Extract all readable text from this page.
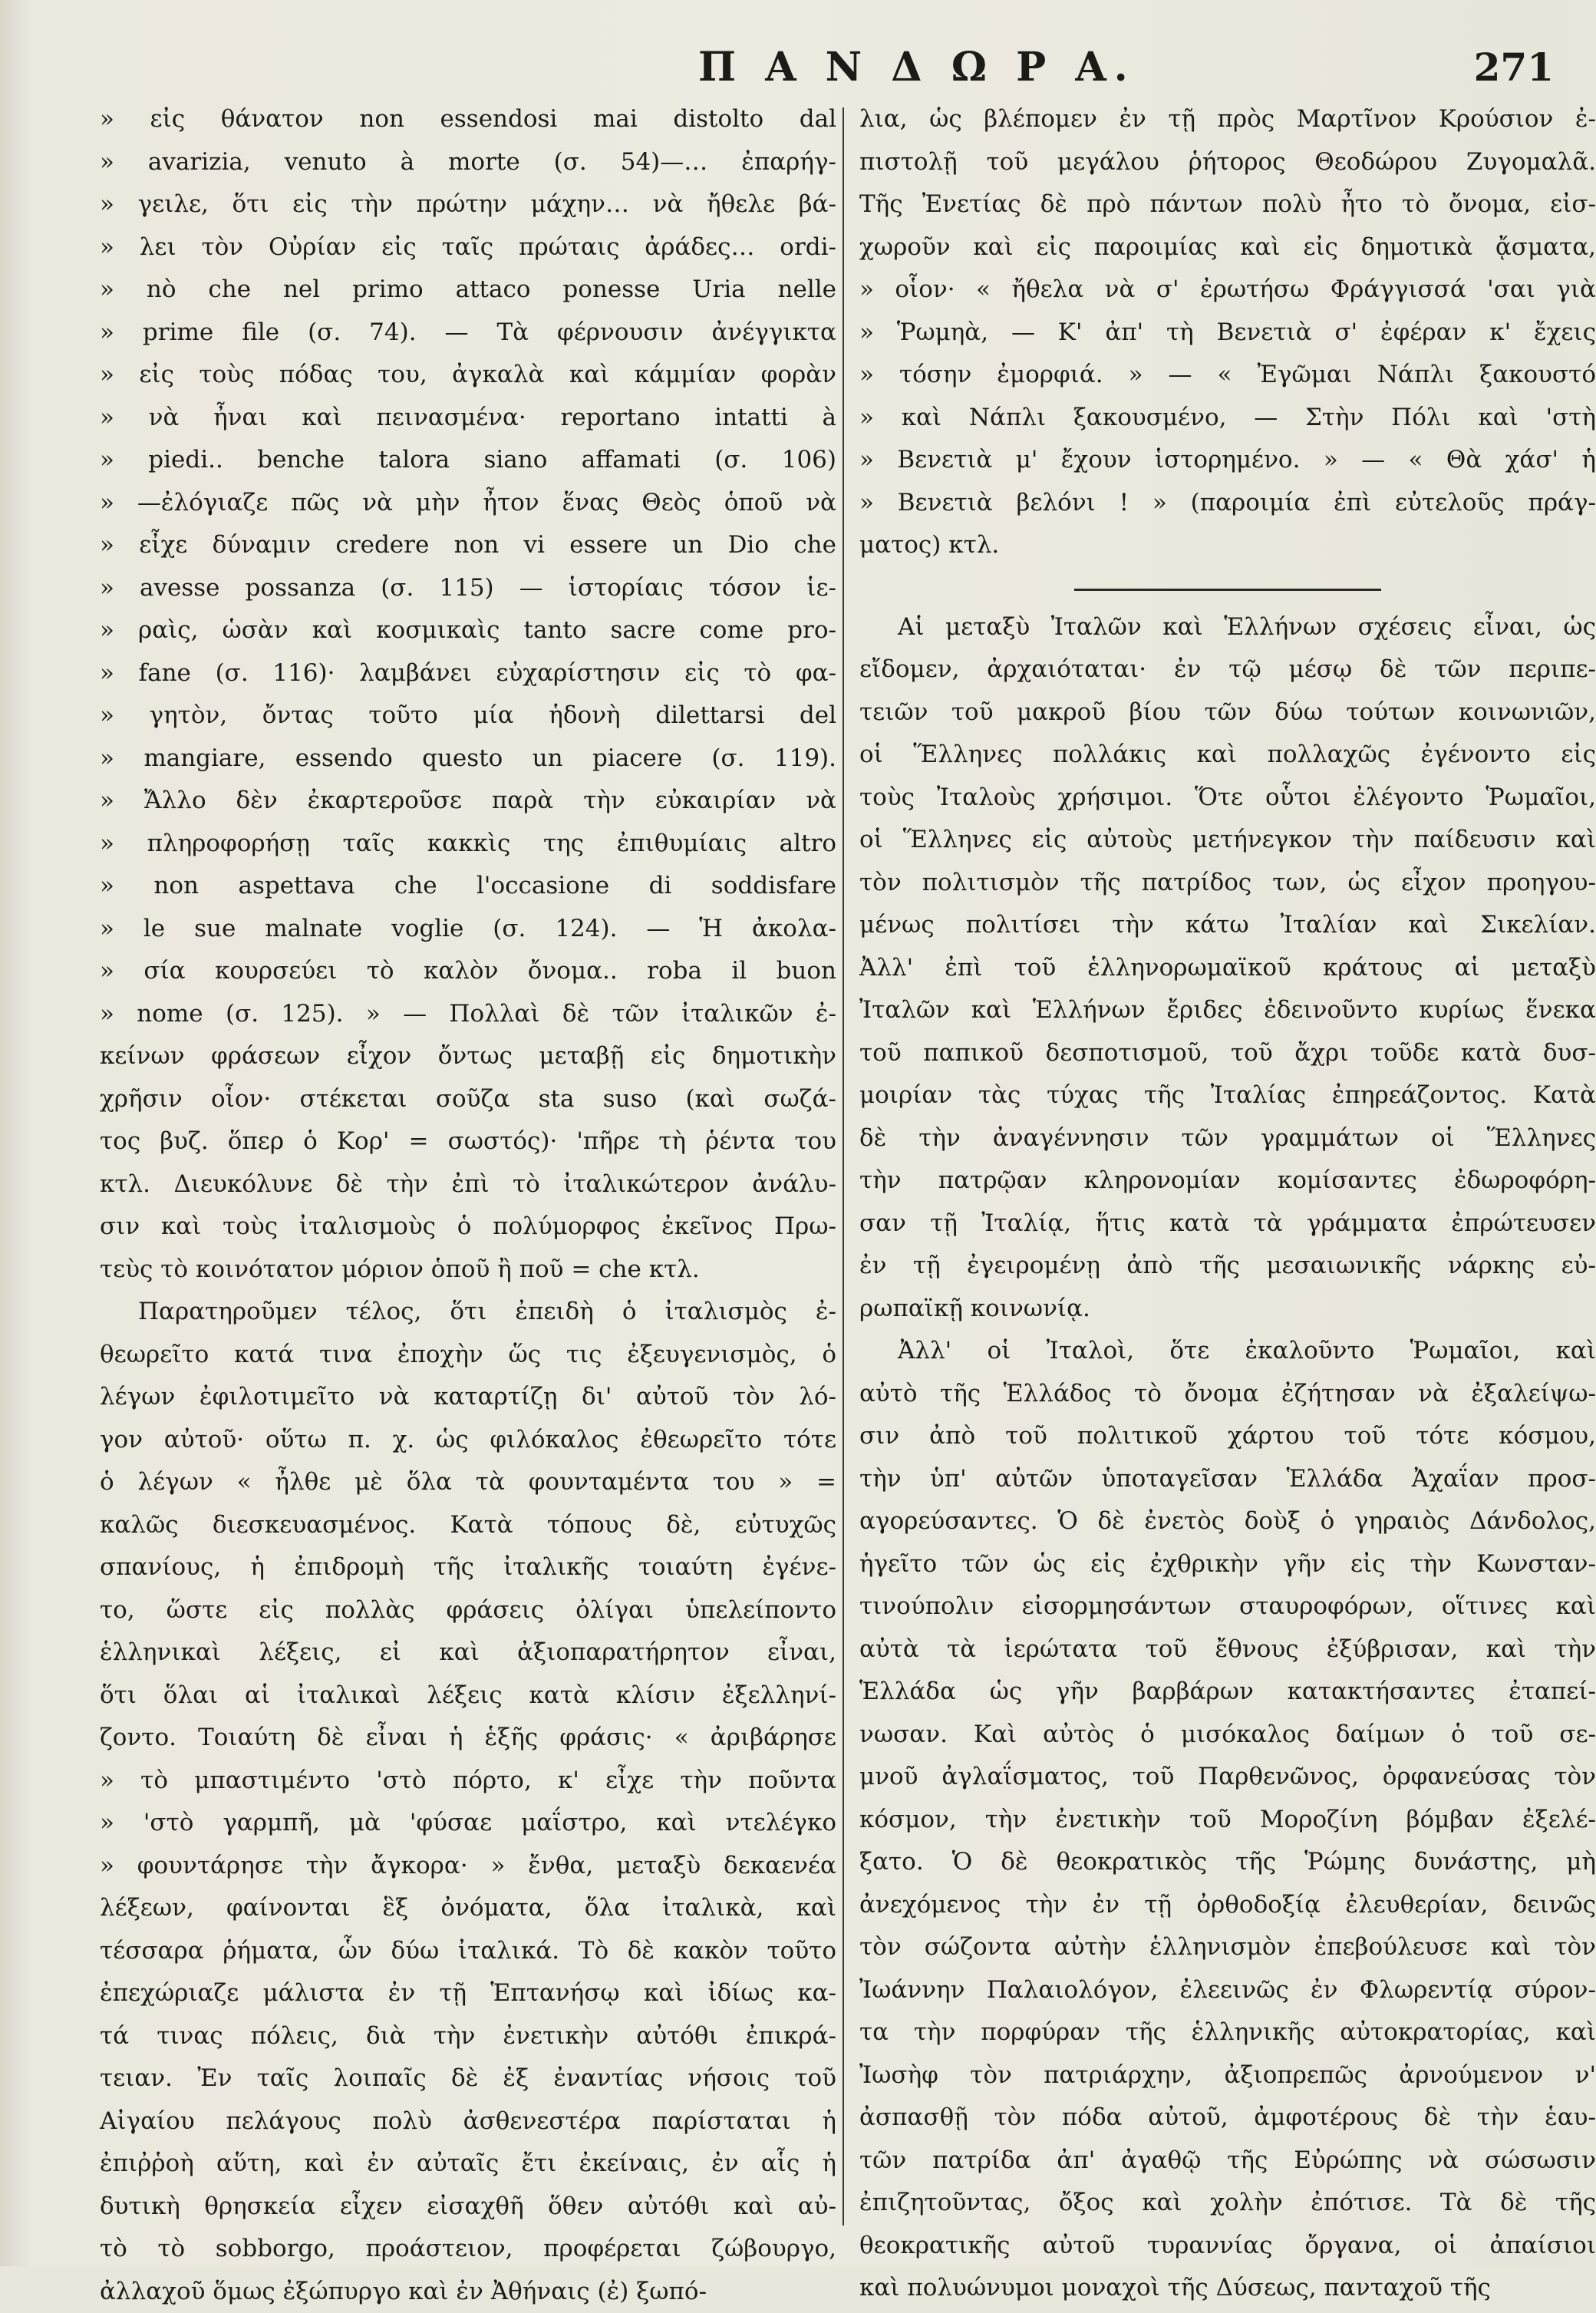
Π Α Ν Δ Ω Ρ Α.	271
» εἰς θάνατον non essendosi mai distolto dal
» avarizia, venuto à morte (σ. 54)—… ἐπαρήγ-
» γειλε, ὅτι εἰς τὴν πρώτην μάχην… νὰ ἤθελε βά-
» λει τὸν Οὐρίαν εἰς ταῖς πρώταις ἀράδες… ordi-
» nò che nel primo attaco ponesse Uria nelle
» prime file (σ. 74). — Τὰ φέρνουσιν ἀνέγγικτα
» εἰς τοὺς πόδας του, ἀγκαλὰ καὶ κάμμίαν φορὰν
» νὰ ἦναι καὶ πεινασμένα· reportano intatti à
» piedi.. benche talora siano affamati (σ. 106)
» —ἐλόγιαζε πῶς νὰ μὴν ἦτον ἕνας Θεὸς ὁποῦ νὰ
» εἶχε δύναμιν credere non vi essere un Dio che
» avesse possanza (σ. 115) — ἱστορίαις τόσον ἱε-
» ραὶς, ὡσὰν καὶ κοσμικαὶς tanto sacre come pro-
» fane (σ. 116)· λαμβάνει εὐχαρίστησιν εἰς τὸ φα-
» γητὸν, ὄντας τοῦτο μία ἡδονὴ dilettarsi del
» mangiare, essendo questo un piacere (σ. 119).
» Ἄλλο δὲν ἐκαρτεροῦσε παρὰ τὴν εὐκαιρίαν νὰ
» πληροφορήσῃ ταῖς κακκὶς της ἐπιθυμίαις altro
» non aspettava che l'occasione di soddisfare
» le sue malnate voglie (σ. 124). — Ἡ ἀκολα-
» σία κουρσεύει τὸ καλὸν ὄνομα.. roba il buon
» nome (σ. 125). » — Πολλαὶ δὲ τῶν ἰταλικῶν ἐ-
κείνων φράσεων εἶχον ὄντως μεταβῇ εἰς δημοτικὴν
χρῆσιν οἷον· στέκεται σοῦζα sta suso (καὶ σωζά-
τος βυζ. ὅπερ ὁ Κορ' = σωστός)· 'πῆρε τὴ ῥέντα του
κτλ. Διευκόλυνε δὲ τὴν ἐπὶ τὸ ἰταλικώτερον ἀνάλυ-
σιν καὶ τοὺς ἰταλισμοὺς ὁ πολύμορφος ἐκεῖνος Πρω-
τεὺς τὸ κοινότατον μόριον ὁποῦ ἢ ποῦ = che κτλ.
Παρατηροῦμεν τέλος, ὅτι ἐπειδὴ ὁ ἰταλισμὸς ἐ-
θεωρεῖτο κατά τινα ἐποχὴν ὥς τις ἐξευγενισμὸς, ὁ
λέγων ἐφιλοτιμεῖτο νὰ καταρτίζῃ δι' αὐτοῦ τὸν λό-
γον αὐτοῦ· οὕτω π. χ. ὡς φιλόκαλος ἐθεωρεῖτο τότε
ὁ λέγων « ἦλθε μὲ ὅλα τὰ φουνταμέντα του » =
καλῶς διεσκευασμένος. Κατὰ τόπους δὲ, εὐτυχῶς
σπανίους, ἡ ἐπιδρομὴ τῆς ἰταλικῆς τοιαύτη ἐγένε-
το, ὥστε εἰς πολλὰς φράσεις ὀλίγαι ὑπελείποντο
ἑλληνικαὶ λέξεις, εἰ καὶ ἀξιοπαρατήρητον εἶναι,
ὅτι ὅλαι αἱ ἰταλικαὶ λέξεις κατὰ κλίσιν ἐξελληνί-
ζοντο. Τοιαύτη δὲ εἶναι ἡ ἑξῆς φράσις· « ἀριβάρησε
» τὸ μπαστιμέντο 'στὸ πόρτο, κ' εἶχε τὴν ποῦντα
» 'στὸ γαρμπῆ, μὰ 'φύσαε μαΐστρο, καὶ ντελέγκο
» φουντάρησε τὴν ἄγκορα· » ἔνθα, μεταξὺ δεκαενέα
λέξεων, φαίνονται ἓξ ὀνόματα, ὅλα ἰταλικὰ, καὶ
τέσσαρα ῥήματα, ὧν δύω ἰταλικά. Τὸ δὲ κακὸν τοῦτο
ἐπεχώριαζε μάλιστα ἐν τῇ Ἑπτανήσῳ καὶ ἰδίως κα-
τά τινας πόλεις, διὰ τὴν ἐνετικὴν αὐτόθι ἐπικρά-
τειαν. Ἐν ταῖς λοιπαῖς δὲ ἐξ ἐναντίας νήσοις τοῦ
Αἰγαίου πελάγους πολὺ ἀσθενεστέρα παρίσταται ἡ
ἐπιῤῥοὴ αὕτη, καὶ ἐν αὐταῖς ἔτι ἐκείναις, ἐν αἷς ἡ
δυτικὴ θρησκεία εἶχεν εἰσαχθῆ ὅθεν αὐτόθι καὶ αὐ-
τὸ τὸ sobborgo, προάστειον, προφέρεται ζώβουργο,
ἀλλαχοῦ ὅμως ἐξώπυργο καὶ ἐν Ἀθήναις (ἐ) ξωπό-
λια, ὡς βλέπομεν ἐν τῇ πρὸς Μαρτῖνον Κρούσιον ἐ-
πιστολῇ τοῦ μεγάλου ῥήτορος Θεοδώρου Ζυγομαλᾶ.
Τῆς Ἐνετίας δὲ πρὸ πάντων πολὺ ἦτο τὸ ὄνομα, εἰσ-
χωροῦν καὶ εἰς παροιμίας καὶ εἰς δημοτικὰ ᾄσματα,
» οἷον· « ἤθελα νὰ σ' ἐρωτήσω Φράγγισσά 'σαι γιὰ
» Ῥωμηὰ, — Κ' ἀπ' τὴ Βενετιὰ σ' ἐφέραν κ' ἔχεις
» τόσην ἐμορφιά. » — « Ἐγῶμαι Νάπλι ξακουστό
» καὶ Νάπλι ξακουσμένο, — Στὴν Πόλι καὶ 'στὴ
» Βενετιὰ μ' ἔχουν ἱστορημένο. » — « Θὰ χάσ' ἡ
» Βενετιὰ βελόνι ! » (παροιμία ἐπὶ εὐτελοῦς πράγ-
ματος) κτλ.
Αἱ μεταξὺ Ἰταλῶν καὶ Ἑλλήνων σχέσεις εἶναι, ὡς
εἴδομεν, ἀρχαιόταται· ἐν τῷ μέσῳ δὲ τῶν περιπε-
τειῶν τοῦ μακροῦ βίου τῶν δύω τούτων κοινωνιῶν,
οἱ Ἕλληνες πολλάκις καὶ πολλαχῶς ἐγένοντο εἰς
τοὺς Ἰταλοὺς χρήσιμοι. Ὅτε οὗτοι ἐλέγοντο Ῥωμαῖοι,
οἱ Ἕλληνες εἰς αὐτοὺς μετήνεγκον τὴν παίδευσιν καὶ
τὸν πολιτισμὸν τῆς πατρίδος των, ὡς εἶχον προηγου-
μένως πολιτίσει τὴν κάτω Ἰταλίαν καὶ Σικελίαν.
Ἀλλ' ἐπὶ τοῦ ἑλληνορωμαϊκοῦ κράτους αἱ μεταξὺ
Ἰταλῶν καὶ Ἑλλήνων ἔριδες ἐδεινοῦντο κυρίως ἕνεκα
τοῦ παπικοῦ δεσποτισμοῦ, τοῦ ἄχρι τοῦδε κατὰ δυσ-
μοιρίαν τὰς τύχας τῆς Ἰταλίας ἐπηρεάζοντος. Κατὰ
δὲ τὴν ἀναγέννησιν τῶν γραμμάτων οἱ Ἕλληνες
τὴν πατρῷαν κληρονομίαν κομίσαντες ἐδωροφόρη-
σαν τῇ Ἰταλίᾳ, ἥτις κατὰ τὰ γράμματα ἐπρώτευσεν
ἐν τῇ ἐγειρομένῃ ἀπὸ τῆς μεσαιωνικῆς νάρκης εὐ-
ρωπαϊκῇ κοινωνίᾳ.
Ἀλλ' οἱ Ἰταλοὶ, ὅτε ἐκαλοῦντο Ῥωμαῖοι, καὶ
αὐτὸ τῆς Ἑλλάδος τὸ ὄνομα ἐζήτησαν νὰ ἐξαλείψω-
σιν ἀπὸ τοῦ πολιτικοῦ χάρτου τοῦ τότε κόσμου,
τὴν ὑπ' αὐτῶν ὑποταγεῖσαν Ἑλλάδα Ἀχαΐαν προσ-
αγορεύσαντες. Ὁ δὲ ἐνετὸς δοὺξ ὁ γηραιὸς Δάνδολος,
ἡγεῖτο τῶν ὡς εἰς ἐχθρικὴν γῆν εἰς τὴν Κωνσταν-
τινούπολιν εἰσορμησάντων σταυροφόρων, οἵτινες καὶ
αὐτὰ τὰ ἱερώτατα τοῦ ἔθνους ἐξύβρισαν, καὶ τὴν
Ἑλλάδα ὡς γῆν βαρβάρων κατακτήσαντες ἐταπεί-
νωσαν. Καὶ αὐτὸς ὁ μισόκαλος δαίμων ὁ τοῦ σε-
μνοῦ ἀγλαΐσματος, τοῦ Παρθενῶνος, ὀρφανεύσας τὸν
κόσμον, τὴν ἐνετικὴν τοῦ Μοροζίνη βόμβαν ἐξελέ-
ξατο. Ὁ δὲ θεοκρατικὸς τῆς Ῥώμης δυνάστης, μὴ
ἀνεχόμενος τὴν ἐν τῇ ὀρθοδοξίᾳ ἐλευθερίαν, δεινῶς
τὸν σώζοντα αὐτὴν ἑλληνισμὸν ἐπεβούλευσε καὶ τὸν
Ἰωάννην Παλαιολόγον, ἐλεεινῶς ἐν Φλωρεντίᾳ σύρον-
τα τὴν πορφύραν τῆς ἑλληνικῆς αὐτοκρατορίας, καὶ
Ἰωσὴφ τὸν πατριάρχην, ἀξιοπρεπῶς ἀρνούμενον ν'
ἀσπασθῇ τὸν πόδα αὐτοῦ, ἀμφοτέρους δὲ τὴν ἑαυ-
τῶν πατρίδα ἀπ' ἀγαθῷ τῆς Εὐρώπης νὰ σώσωσιν
ἐπιζητοῦντας, ὄξος καὶ χολὴν ἐπότισε. Τὰ δὲ τῆς
θεοκρατικῆς αὐτοῦ τυραννίας ὄργανα, οἱ ἀπαίσιοι
καὶ πολυώνυμοι μοναχοὶ τῆς Δύσεως, πανταχοῦ τῆς
